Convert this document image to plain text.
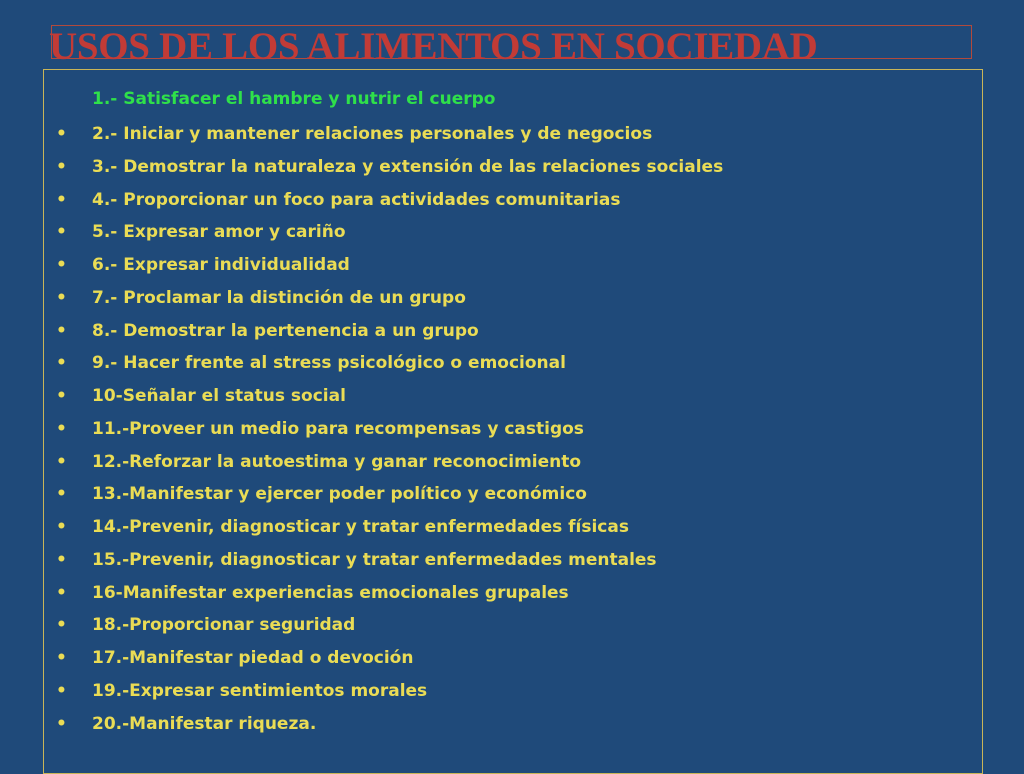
USOS DE LOS ALIMENTOS EN SOCIEDAD

1.- Satisfacer el hambre y nutrir el cuerpo

• 2.- Iniciar y mantener relaciones personales y de negocios
• 3.- Demostrar la naturaleza y extensión de las relaciones sociales
• 4.- Proporcionar un foco para actividades comunitarias
• 5.- Expresar amor y cariño
• 6.- Expresar individualidad
• 7.- Proclamar la distinción de un grupo
• 8.- Demostrar la pertenencia a un grupo
• 9.- Hacer frente al stress psicológico o emocional
• 10-Señalar el status social
• 11.-Proveer un medio para recompensas y castigos
• 12.-Reforzar la autoestima y ganar reconocimiento
• 13.-Manifestar y ejercer poder político y económico
• 14.-Prevenir, diagnosticar y tratar enfermedades físicas
• 15.-Prevenir, diagnosticar y tratar enfermedades mentales
• 16-Manifestar experiencias emocionales grupales
• 18.-Proporcionar seguridad
• 17.-Manifestar piedad o devoción
• 19.-Expresar sentimientos morales
• 20.-Manifestar riqueza.
